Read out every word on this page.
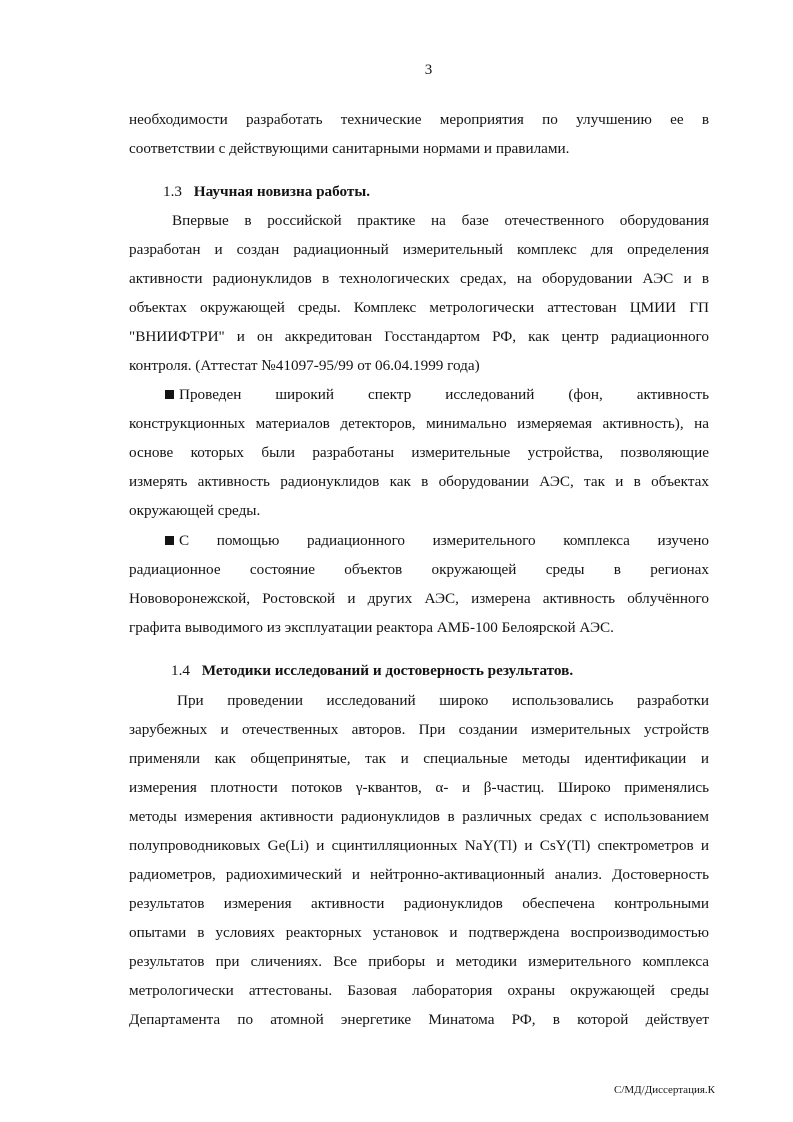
3
необходимости разработать технические мероприятия по улучшению ее в
соответствии с действующими санитарными нормами и правилами.
1.3 Научная новизна работы.
Впервые в российской практике на базе отечественного оборудования
разработан и создан радиационный измерительный комплекс для определения
активности радионуклидов в технологических средах, на оборудовании АЭС и в
объектах окружающей среды. Комплекс метрологически аттестован ЦМИИ ГП
"ВНИИФТРИ" и он аккредитован Госстандартом РФ, как центр радиационного
контроля. (Аттестат №41097-95/99 от 06.04.1999 года)
Проведен широкий спектр исследований (фон, активность
конструкционных материалов детекторов, минимально измеряемая активность), на
основе которых были разработаны измерительные устройства, позволяющие
измерять активность радионуклидов как в оборудовании АЭС, так и в объектах
окружающей среды.
С помощью радиационного измерительного комплекса изучено
радиационное состояние объектов окружающей среды в регионах
Нововоронежской, Ростовской и других АЭС, измерена активность облучённого
графита выводимого из эксплуатации реактора АМБ-100 Белоярской АЭС.
1.4 Методики исследований и достоверность результатов.
При проведении исследований широко использовались разработки
зарубежных и отечественных авторов. При создании измерительных устройств
применяли как общепринятые, так и специальные методы идентификации и
измерения плотности потоков γ-квантов, α- и β-частиц. Широко применялись
методы измерения активности радионуклидов в различных средах с использованием
полупроводниковых Ge(Li) и сцинтилляционных NaY(Tl) и CsY(Tl) спектрометров и
радиометров, радиохимический и нейтронно-активационный анализ. Достоверность
результатов измерения активности радионуклидов обеспечена контрольными
опытами в условиях реакторных установок и подтверждена воспроизводимостью
результатов при сличениях. Все приборы и методики измерительного комплекса
метрологически аттестованы. Базовая лаборатория охраны окружающей среды
Департамента по атомной энергетике Минатома РФ, в которой действует
С/МД/Диссертация.К
